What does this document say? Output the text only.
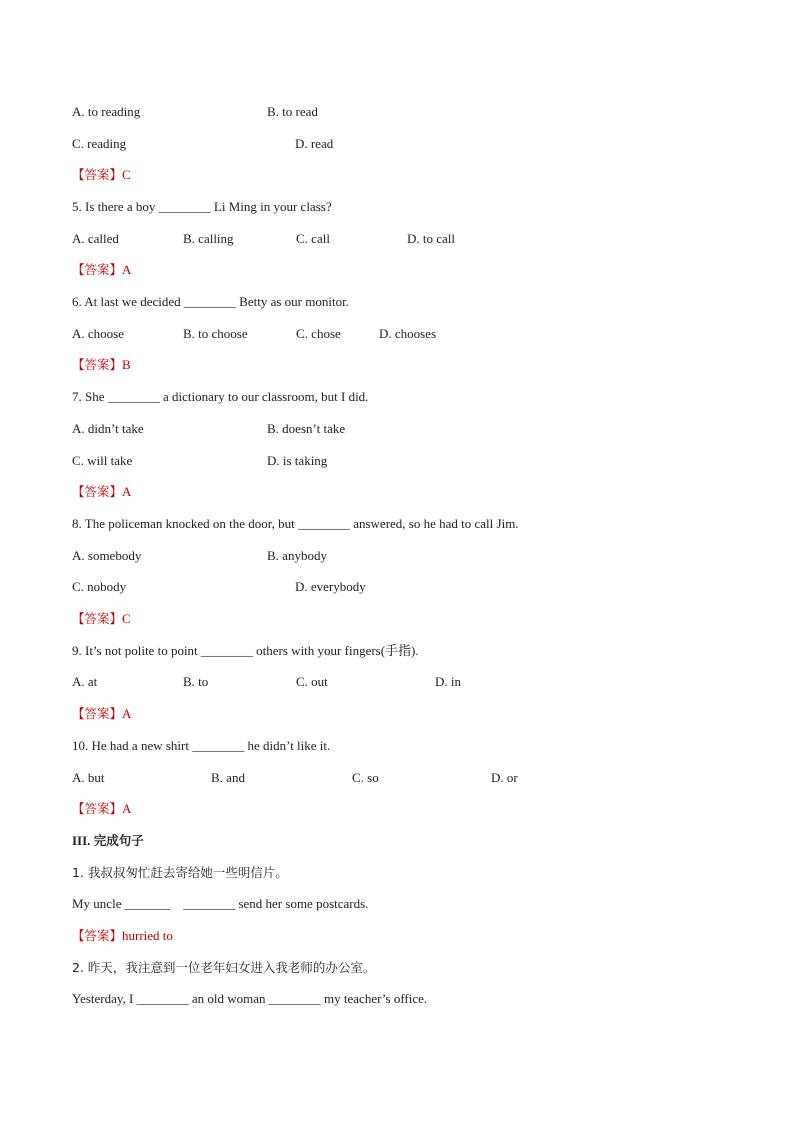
A. to reading	B. to read
C. reading	D. read
【答案】C
5. Is there a boy ________ Li Ming in your class?
A. called	B. calling	C. call	D. to call
【答案】A
6. At last we decided ________ Betty as our monitor.
A. choose	B. to choose	C. chose	D. chooses
【答案】B
7. She ________ a dictionary to our classroom, but I did.
A. didn’t take	B. doesn’t take
C. will take	D. is taking
【答案】A
8. The policeman knocked on the door, but ________ answered, so he had to call Jim.
A. somebody	B. anybody
C. nobody	D. everybody
【答案】C
9. It’s not polite to point ________ others with your fingers(手指).
A. at	B. to	C. out	D. in
【答案】A
10. He had a new shirt ________ he didn’t like it.
A. but	B. and	C. so	D. or
【答案】A
III. 完成句子
1. 我叔叔匆忙赶去寄给她一些明信片。
My uncle _______    ________ send her some postcards.
【答案】hurried to
2. 昨天，我注意到一位老年妇女进入我老师的办公室。
Yesterday, I ________ an old woman ________ my teacher’s office.
